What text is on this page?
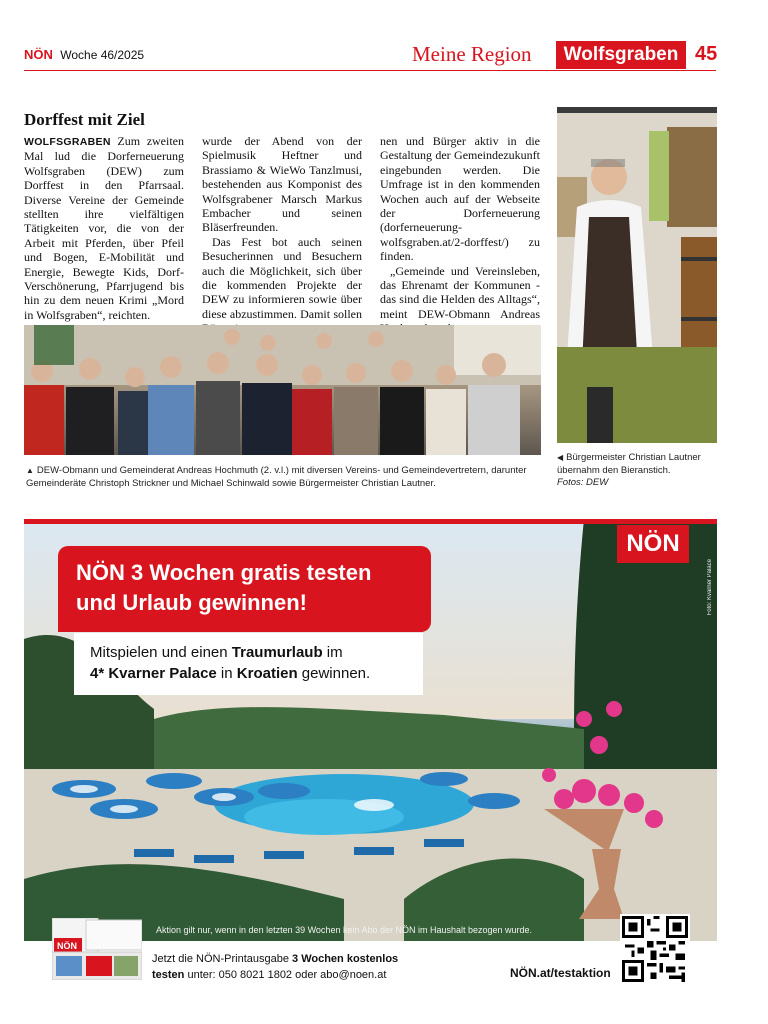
NÖN Woche 46/2025	Meine Region	Wolfsgraben 45
Dorffest mit Ziel

WOLFSGRABEN Zum zweiten Mal lud die Dorferneuerung Wolfsgraben (DEW) zum Dorffest in den Pfarrsaal. Diverse Vereine der Gemeinde stellten ihre vielfältigen Tätigkeiten vor, die von der Arbeit mit Pferden, über Pfeil und Bogen, E-Mobilität und Energie, Bewegte Kids, Dorf-Verschönerung, Pfarrjugend bis hin zu dem neuen Krimi „Mord in Wolfsgraben“, reichten.

wurde der Abend von der Spielmusik Heftner und Brassiamo & WieWo Tanzlmusi, bestehenden aus Komponist des Wolfsgrabener Marsch Markus Embacher und seinen Bläserfreunden.

Das Fest bot auch seinen Besucherinnen und Besuchern auch die Möglichkeit, sich über die kommenden Projekte der DEW zu informieren sowie über diese abzustimmen. Damit sollen

nen und Bürger aktiv in die Gestaltung der Gemeindezukunft eingebunden werden. Die Umfrage ist in den kommenden Wochen auch auf der Webseite der Dorferneuerung (dorferneuerung-wolfsgraben.at/2-dorffest/) zu finden.

„Gemeinde und Vereinsleben, das Ehrenamt der Kommunen - das sind die Helden des Alltags“, meint DEW-Obmann Andreas

▲ DEW-Obmann und Gemeinderat Andreas Hochmuth (2. v.l.) mit diversen Vereins- und Gemeindevertretern, darunter Gemeinderäte Christoph Strickner und Michael Schinwald sowie Bürgermeister Christian Lautner.
◀ Bürgermeister Christian Lautner übernahm den Bieranstich.
Fotos: DEW
NÖN
Foto: Kvarner Palace
NÖN 3 Wochen gratis testen
und Urlaub gewinnen!
Mitspielen und einen Traumurlaub im
4* Kvarner Palace in Kroatien gewinnen.
Aktion gilt nur, wenn in den letzten 39 Wochen kein Abo der NÖN im Haushalt bezogen wurde.
NÖN
Jetzt die NÖN-Printausgabe 3 Wochen kostenlos
testen unter: 050 8021 1802 oder abo@noen.at	NÖN.at/testaktion
